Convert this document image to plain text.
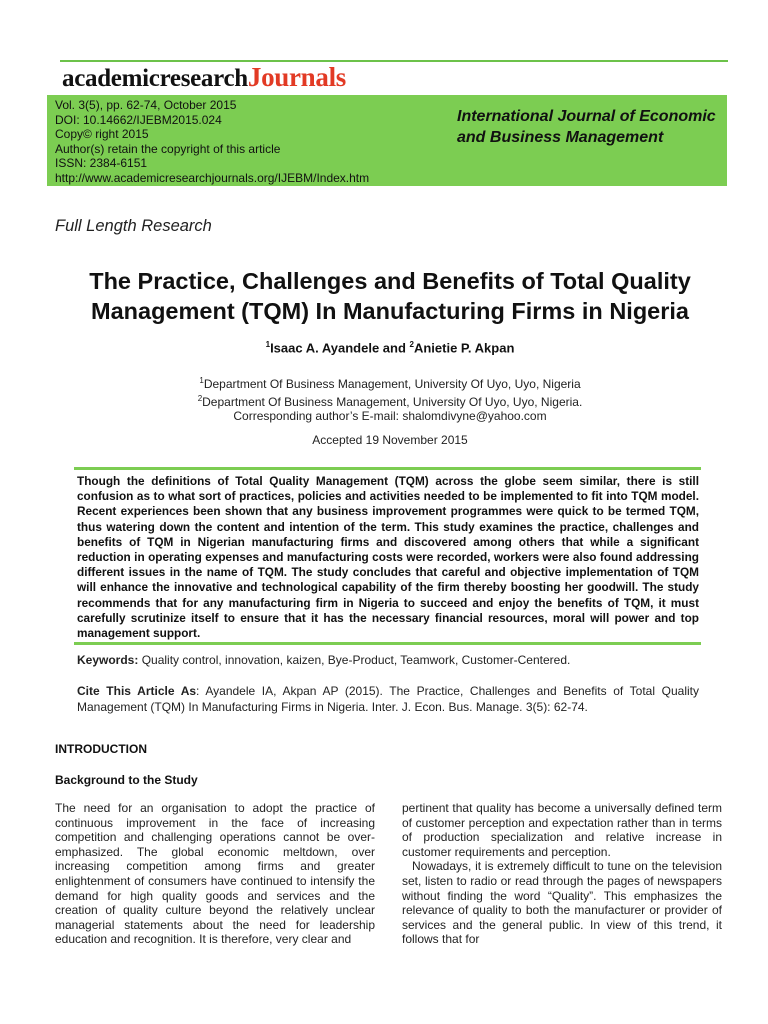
academicresearchJournals
Vol. 3(5), pp. 62-74, October 2015
DOI: 10.14662/IJEBM2015.024
Copy© right 2015
Author(s) retain the copyright of this article
ISSN: 2384-6151
http://www.academicresearchjournals.org/IJEBM/Index.htm
International Journal of Economic and Business Management
Full Length Research
The Practice, Challenges and Benefits of Total Quality Management (TQM) In Manufacturing Firms in Nigeria
$^1$Isaac A. Ayandele and $^2$Anietie P. Akpan
$^1$Department Of Business Management, University Of Uyo, Uyo, Nigeria
$^2$Department Of Business Management, University Of Uyo, Uyo, Nigeria.
Corresponding author’s E-mail: shalomdivyne@yahoo.com
Accepted 19 November 2015
Though the definitions of Total Quality Management (TQM) across the globe seem similar, there is still confusion as to what sort of practices, policies and activities needed to be implemented to fit into TQM model. Recent experiences been shown that any business improvement programmes were quick to be termed TQM, thus watering down the content and intention of the term. This study examines the practice, challenges and benefits of TQM in Nigerian manufacturing firms and discovered among others that while a significant reduction in operating expenses and manufacturing costs were recorded, workers were also found addressing different issues in the name of TQM. The study concludes that careful and objective implementation of TQM will enhance the innovative and technological capability of the firm thereby boosting her goodwill. The study recommends that for any manufacturing firm in Nigeria to succeed and enjoy the benefits of TQM, it must carefully scrutinize itself to ensure that it has the necessary financial resources, moral will power and top management support.
Keywords: Quality control, innovation, kaizen, Bye-Product, Teamwork, Customer-Centered.
Cite This Article As: Ayandele IA, Akpan AP (2015). The Practice, Challenges and Benefits of Total Quality Management (TQM) In Manufacturing Firms in Nigeria. Inter. J. Econ. Bus. Manage. 3(5): 62-74.
INTRODUCTION
Background to the Study

The need for an organisation to adopt the practice of continuous improvement in the face of increasing competition and challenging operations cannot be over-emphasized. The global economic meltdown, over increasing competition among firms and greater enlightenment of consumers have continued to intensify the demand for high quality goods and services and the creation of quality culture beyond the relatively unclear managerial statements about the need for leadership education and recognition. It is therefore, very clear and

pertinent that quality has become a universally defined term of customer perception and expectation rather than in terms of production specialization and relative increase in customer requirements and perception.

Nowadays, it is extremely difficult to tune on the television set, listen to radio or read through the pages of newspapers without finding the word “Quality”. This emphasizes the relevance of quality to both the manufacturer or provider of services and the general public. In view of this trend, it follows that for
